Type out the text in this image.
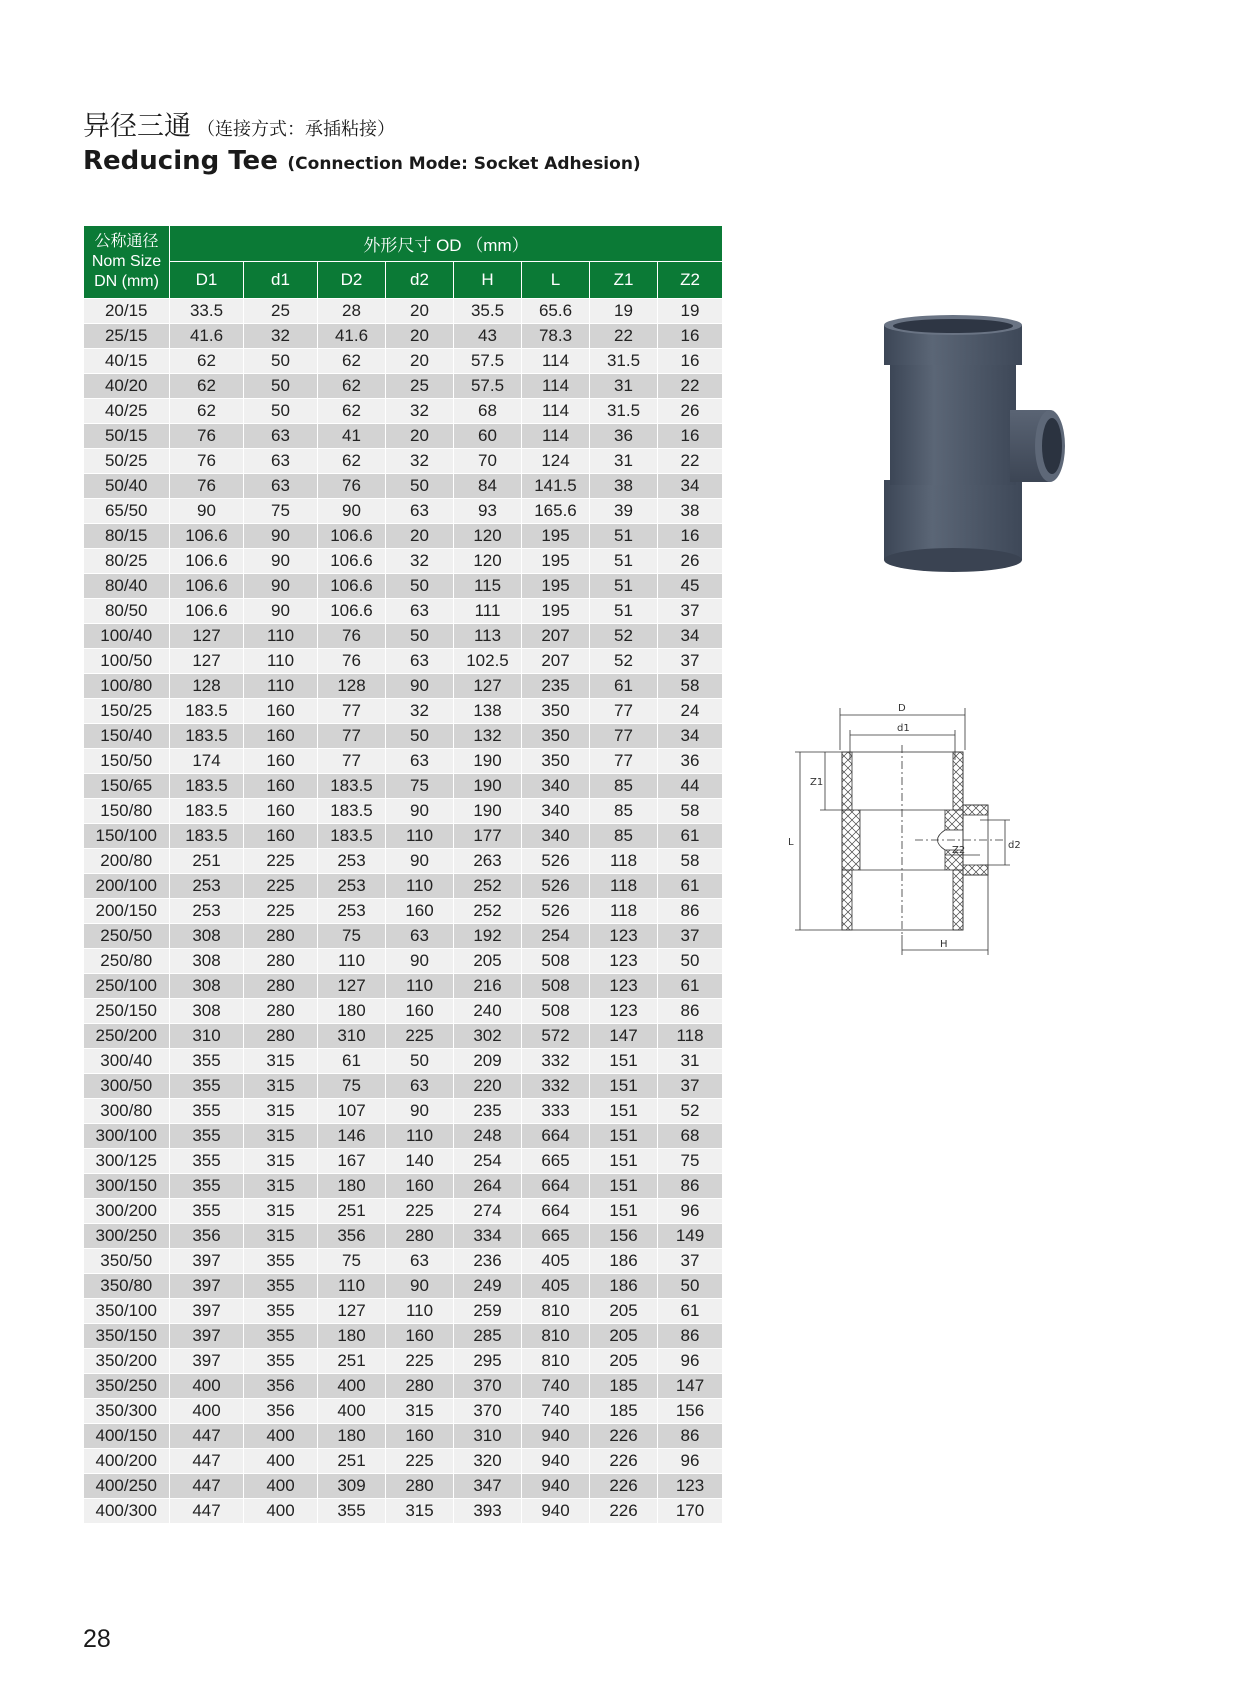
异径三通 （连接方式：承插粘接）
Reducing Tee (Connection Mode: Socket Adhesion)
公称通径
Nom Size
DN (mm)	外形尺寸 OD （mm）							
	D1	d1	D2	d2	H	L	Z1	Z2
20/15	33.5	25	28	20	35.5	65.6	19	19
25/15	41.6	32	41.6	20	43	78.3	22	16
40/15	62	50	62	20	57.5	114	31.5	16
40/20	62	50	62	25	57.5	114	31	22
40/25	62	50	62	32	68	114	31.5	26
50/15	76	63	41	20	60	114	36	16
50/25	76	63	62	32	70	124	31	22
50/40	76	63	76	50	84	141.5	38	34
65/50	90	75	90	63	93	165.6	39	38
80/15	106.6	90	106.6	20	120	195	51	16
80/25	106.6	90	106.6	32	120	195	51	26
80/40	106.6	90	106.6	50	115	195	51	45
80/50	106.6	90	106.6	63	111	195	51	37
100/40	127	110	76	50	113	207	52	34
100/50	127	110	76	63	102.5	207	52	37
100/80	128	110	128	90	127	235	61	58
150/25	183.5	160	77	32	138	350	77	24
150/40	183.5	160	77	50	132	350	77	34
150/50	174	160	77	63	190	350	77	36
150/65	183.5	160	183.5	75	190	340	85	44
150/80	183.5	160	183.5	90	190	340	85	58
150/100	183.5	160	183.5	110	177	340	85	61
200/80	251	225	253	90	263	526	118	58
200/100	253	225	253	110	252	526	118	61
200/150	253	225	253	160	252	526	118	86
250/50	308	280	75	63	192	254	123	37
250/80	308	280	110	90	205	508	123	50
250/100	308	280	127	110	216	508	123	61
250/150	308	280	180	160	240	508	123	86
250/200	310	280	310	225	302	572	147	118
300/40	355	315	61	50	209	332	151	31
300/50	355	315	75	63	220	332	151	37
300/80	355	315	107	90	235	333	151	52
300/100	355	315	146	110	248	664	151	68
300/125	355	315	167	140	254	665	151	75
300/150	355	315	180	160	264	664	151	86
300/200	355	315	251	225	274	664	151	96
300/250	356	315	356	280	334	665	156	149
350/50	397	355	75	63	236	405	186	37
350/80	397	355	110	90	249	405	186	50
350/100	397	355	127	110	259	810	205	61
350/150	397	355	180	160	285	810	205	86
350/200	397	355	251	225	295	810	205	96
350/250	400	356	400	280	370	740	185	147
350/300	400	356	400	315	370	740	185	156
400/150	447	400	180	160	310	940	226	86
400/200	447	400	251	225	320	940	226	96
400/250	447	400	309	280	347	940	226	123
400/300	447	400	355	315	393	940	226	170
D
d1
L
Z1
Z2	d2
H
28
